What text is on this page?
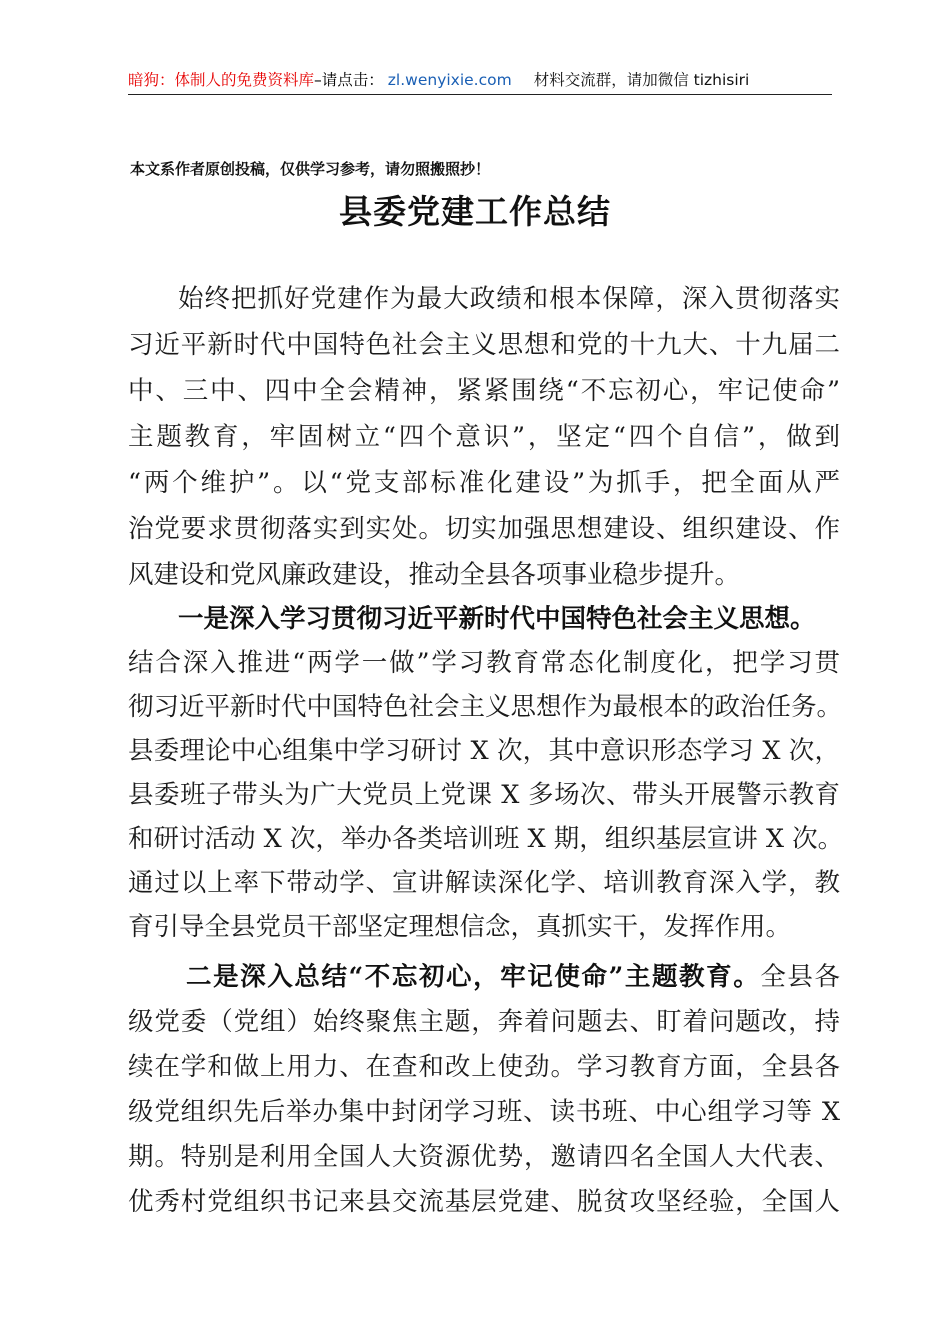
暗狗：体制人的免费资料库–请点击： zl.wenyixie.com 材料交流群，请加微信 tizhisiri
本文系作者原创投稿，仅供学习参考，请勿照搬照抄！
县委党建工作总结
始终把抓好党建作为最大政绩和根本保障，深入贯彻落实
习近平新时代中国特色社会主义思想和党的十九大、十九届二
中、三中、四中全会精神，紧紧围绕“不忘初心，牢记使命”
主题教育，牢固树立“四个意识”，坚定“四个自信”，做到
“两个维护”。以“党支部标准化建设”为抓手，把全面从严
治党要求贯彻落实到实处。切实加强思想建设、组织建设、作
风建设和党风廉政建设，推动全县各项事业稳步提升。
一是深入学习贯彻习近平新时代中国特色社会主义思想。
结合深入推进“两学一做”学习教育常态化制度化，把学习贯
彻习近平新时代中国特色社会主义思想作为最根本的政治任务。
县委理论中心组集中学习研讨 X 次，其中意识形态学习 X 次，
县委班子带头为广大党员上党课 X 多场次、带头开展警示教育
和研讨活动 X 次，举办各类培训班 X 期，组织基层宣讲 X 次。
通过以上率下带动学、宣讲解读深化学、培训教育深入学，教
育引导全县党员干部坚定理想信念，真抓实干，发挥作用。
二是深入总结“不忘初心，牢记使命”主题教育。全县各
级党委（党组）始终聚焦主题，奔着问题去、盯着问题改，持
续在学和做上用力、在查和改上使劲。学习教育方面，全县各
级党组织先后举办集中封闭学习班、读书班、中心组学习等 X
期。特别是利用全国人大资源优势，邀请四名全国人大代表、
优秀村党组织书记来县交流基层党建、脱贫攻坚经验，全国人
